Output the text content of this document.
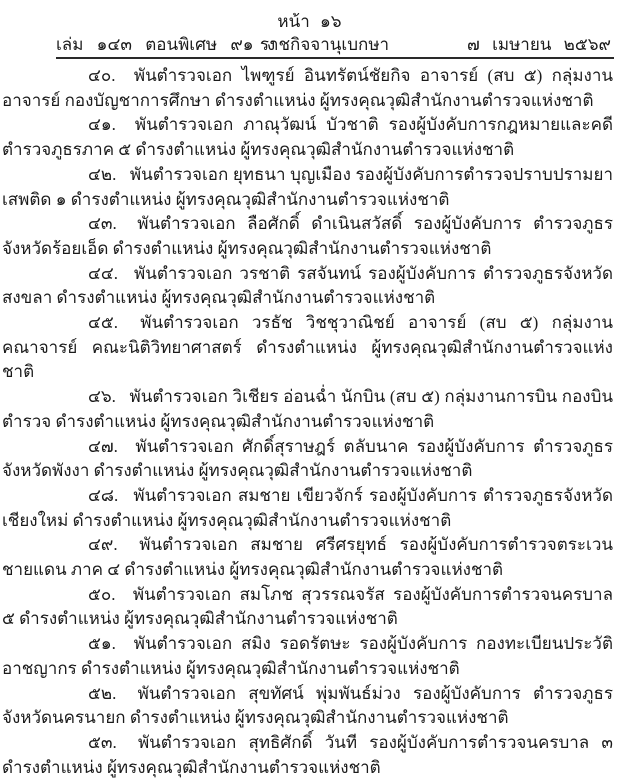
หน้า ๑๖
เล่ม ๑๔๓ ตอนพิเศษ ๙๑ ง
ราชกิจจานุเบกษา	๗ เมษายน ๒๕๖๙

๔๐. พันตำรวจเอก ไพฑูรย์ อินทรัตน์ชัยกิจ อาจารย์ (สบ ๕) กลุ่มงานอาจารย์ กองบัญชาการศึกษา ดำรงตำแหน่ง ผู้ทรงคุณวุฒิสำนักงานตำรวจแห่งชาติ

๔๑. พันตำรวจเอก ภาณุวัฒน์ บัวชาติ รองผู้บังคับการกฎหมายและคดี ตำรวจภูธรภาค ๕ ดำรงตำแหน่ง ผู้ทรงคุณวุฒิสำนักงานตำรวจแห่งชาติ

๔๒. พันตำรวจเอก ยุทธนา บุญเมือง รองผู้บังคับการตำรวจปราบปรามยาเสพติด ๑ ดำรงตำแหน่ง ผู้ทรงคุณวุฒิสำนักงานตำรวจแห่งชาติ

๔๓. พันตำรวจเอก ลือศักดิ์ ดำเนินสวัสดิ์ รองผู้บังคับการ ตำรวจภูธรจังหวัดร้อยเอ็ด ดำรงตำแหน่ง ผู้ทรงคุณวุฒิสำนักงานตำรวจแห่งชาติ

๔๔. พันตำรวจเอก วรชาติ รสจันทน์ รองผู้บังคับการ ตำรวจภูธรจังหวัดสงขลา ดำรงตำแหน่ง ผู้ทรงคุณวุฒิสำนักงานตำรวจแห่งชาติ

๔๕. พันตำรวจเอก วรธัช วิชชุวาณิชย์ อาจารย์ (สบ ๕) กลุ่มงานคณาจารย์ คณะนิติวิทยาศาสตร์ ดำรงตำแหน่ง ผู้ทรงคุณวุฒิสำนักงานตำรวจแห่งชาติ

๔๖. พันตำรวจเอก วิเชียร อ่อนฉ่ำ นักบิน (สบ ๕) กลุ่มงานการบิน กองบินตำรวจ ดำรงตำแหน่ง ผู้ทรงคุณวุฒิสำนักงานตำรวจแห่งชาติ

๔๗. พันตำรวจเอก ศักดิ์สุราษฎร์ ตลับนาค รองผู้บังคับการ ตำรวจภูธรจังหวัดพังงา ดำรงตำแหน่ง ผู้ทรงคุณวุฒิสำนักงานตำรวจแห่งชาติ

๔๘. พันตำรวจเอก สมชาย เขียวจักร์ รองผู้บังคับการ ตำรวจภูธรจังหวัดเชียงใหม่ ดำรงตำแหน่ง ผู้ทรงคุณวุฒิสำนักงานตำรวจแห่งชาติ

๔๙. พันตำรวจเอก สมชาย ศรีศรยุทธ์ รองผู้บังคับการตำรวจตระเวนชายแดน ภาค ๔ ดำรงตำแหน่ง ผู้ทรงคุณวุฒิสำนักงานตำรวจแห่งชาติ

๕๐. พันตำรวจเอก สมโภช สุวรรณจรัส รองผู้บังคับการตำรวจนครบาล ๕ ดำรงตำแหน่ง ผู้ทรงคุณวุฒิสำนักงานตำรวจแห่งชาติ

๕๑. พันตำรวจเอก สมิง รอดรัตษะ รองผู้บังคับการ กองทะเบียนประวัติอาชญากร ดำรงตำแหน่ง ผู้ทรงคุณวุฒิสำนักงานตำรวจแห่งชาติ

๕๒. พันตำรวจเอก สุขทัศน์ พุ่มพันธ์ม่วง รองผู้บังคับการ ตำรวจภูธรจังหวัดนครนายก ดำรงตำแหน่ง ผู้ทรงคุณวุฒิสำนักงานตำรวจแห่งชาติ

๕๓. พันตำรวจเอก สุทธิศักดิ์ วันที รองผู้บังคับการตำรวจนครบาล ๓ ดำรงตำแหน่ง ผู้ทรงคุณวุฒิสำนักงานตำรวจแห่งชาติ
